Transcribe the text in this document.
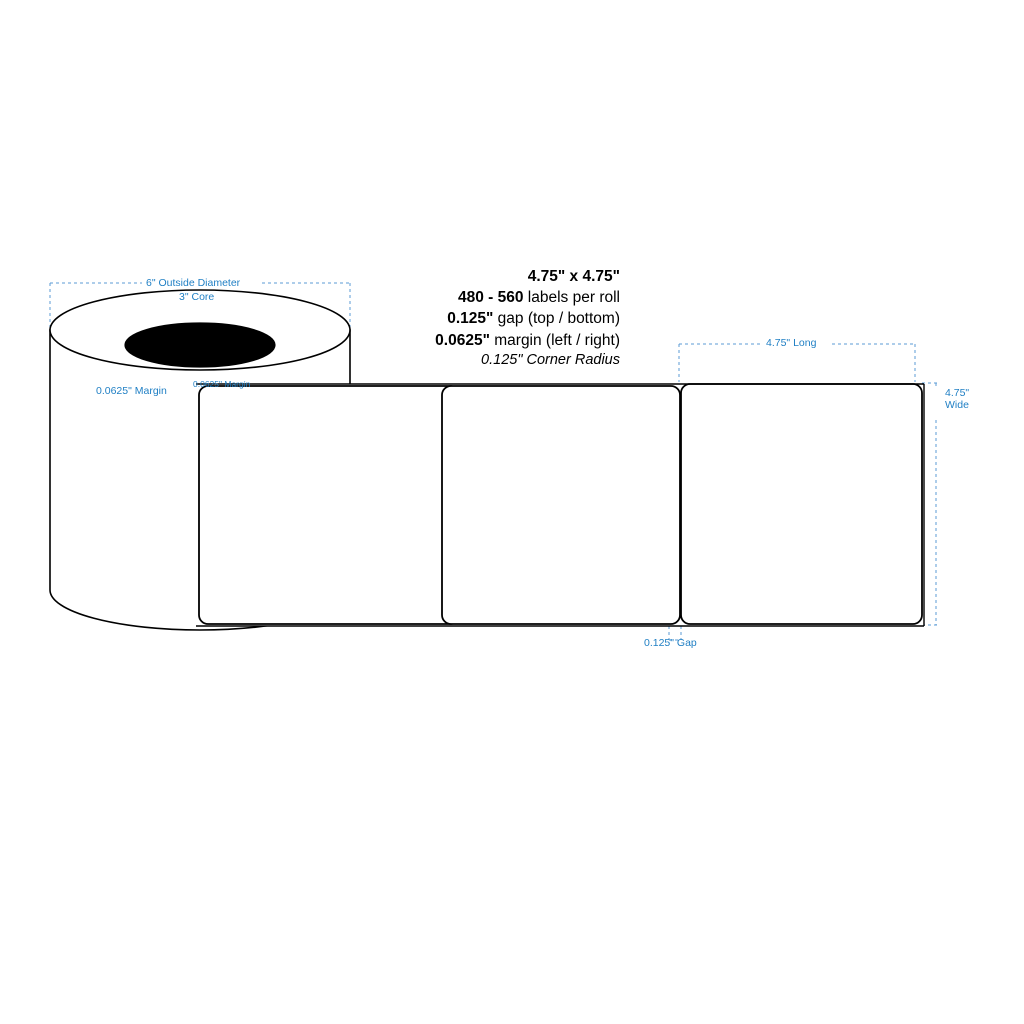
4.75" x 4.75"
480 - 560 labels per roll
0.125" gap (top / bottom)
0.0625" margin (left / right)
0.125" Corner Radius
6" Outside Diameter
3" Core
0.0625" Margin
0.0625" Margin
4.75" Long
4.75"
Wide
0.125" Gap
